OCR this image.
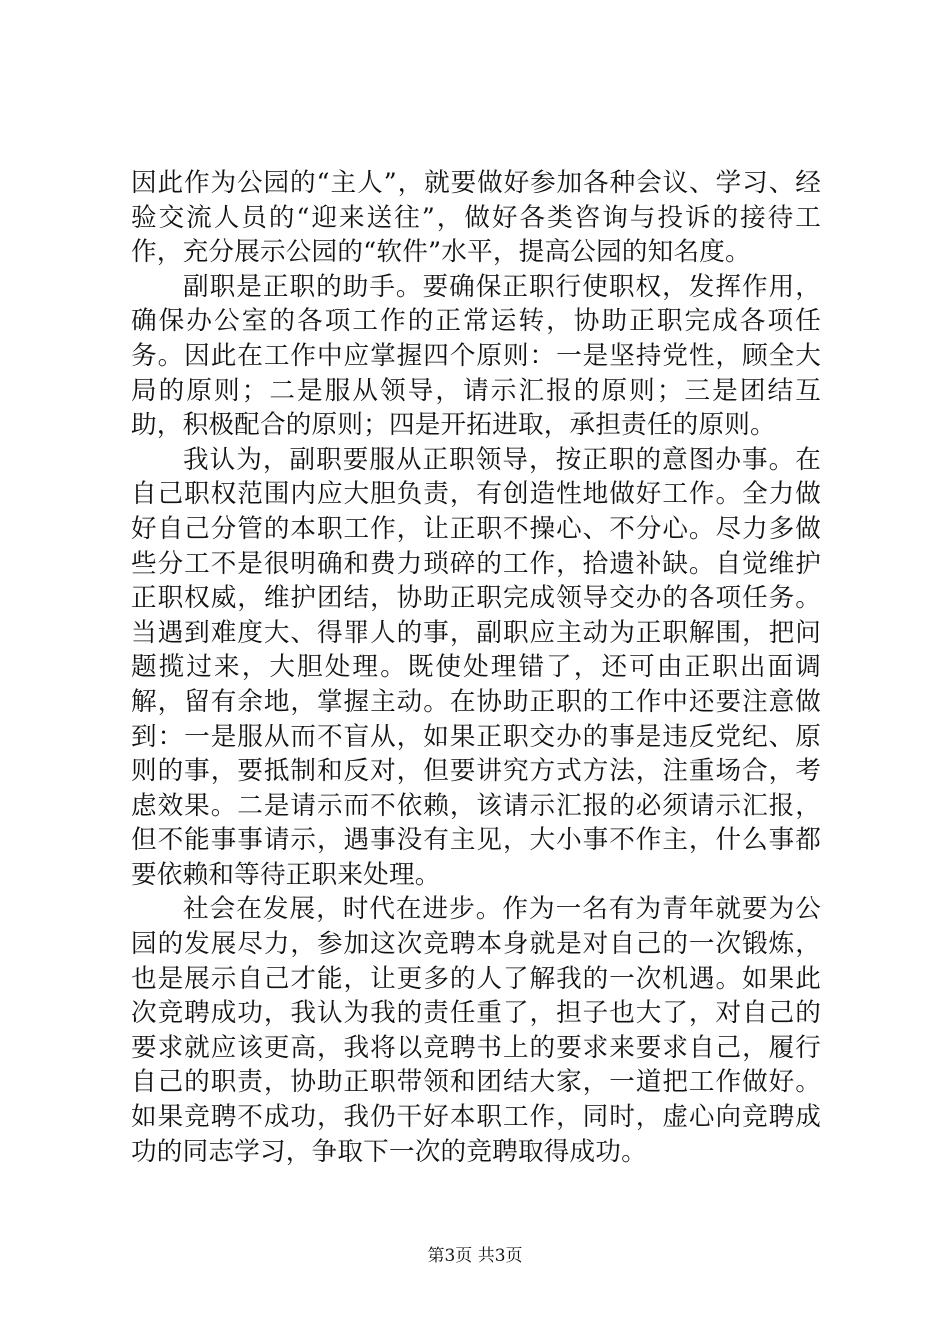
因此作为公园的“主人”，就要做好参加各种会议、学习、经验交流人员的“迎来送往”，做好各类咨询与投诉的接待工作，充分展示公园的“软件”水平，提高公园的知名度。

副职是正职的助手。要确保正职行使职权，发挥作用，确保办公室的各项工作的正常运转，协助正职完成各项任务。因此在工作中应掌握四个原则：一是坚持党性，顾全大局的原则；二是服从领导，请示汇报的原则；三是团结互助，积极配合的原则；四是开拓进取，承担责任的原则。

我认为，副职要服从正职领导，按正职的意图办事。在自己职权范围内应大胆负责，有创造性地做好工作。全力做好自己分管的本职工作，让正职不操心、不分心。尽力多做些分工不是很明确和费力琐碎的工作，拾遗补缺。自觉维护正职权威，维护团结，协助正职完成领导交办的各项任务。当遇到难度大、得罪人的事，副职应主动为正职解围，把问题揽过来，大胆处理。既使处理错了，还可由正职出面调解，留有余地，掌握主动。在协助正职的工作中还要注意做到：一是服从而不盲从，如果正职交办的事是违反党纪、原则的事，要抵制和反对，但要讲究方式方法，注重场合，考虑效果。二是请示而不依赖，该请示汇报的必须请示汇报，但不能事事请示，遇事没有主见，大小事不作主，什么事都要依赖和等待正职来处理。

社会在发展，时代在进步。作为一名有为青年就要为公园的发展尽力，参加这次竞聘本身就是对自己的一次锻炼，也是展示自己才能，让更多的人了解我的一次机遇。如果此次竞聘成功，我认为我的责任重了，担子也大了，对自己的要求就应该更高，我将以竞聘书上的要求来要求自己，履行自己的职责，协助正职带领和团结大家，一道把工作做好。如果竞聘不成功，我仍干好本职工作，同时，虚心向竞聘成功的同志学习，争取下一次的竞聘取得成功。

第3页 共3页
